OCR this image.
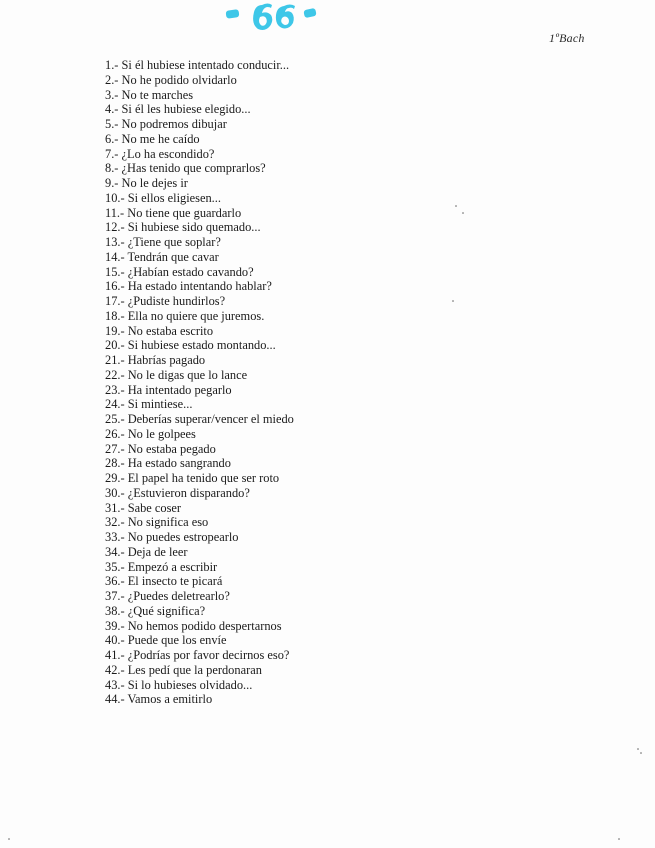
1ºBach
1.- Si él hubiese intentado conducir...
2.- No he podido olvidarlo
3.- No te marches
4.- Si él les hubiese elegido...
5.- No podremos dibujar
6.- No me he caído
7.- ¿Lo ha escondido?
8.- ¿Has tenido que comprarlos?
9.- No le dejes ir
10.- Si ellos eligiesen...
11.- No tiene que guardarlo
12.- Si hubiese sido quemado...
13.- ¿Tiene que soplar?
14.- Tendrán que cavar
15.- ¿Habían estado cavando?
16.- Ha estado intentando hablar?
17.- ¿Pudiste hundirlos?
18.- Ella no quiere que juremos.
19.- No estaba escrito
20.- Si hubiese estado montando...
21.- Habrías pagado
22.- No le digas que lo lance
23.- Ha intentado pegarlo
24.- Si mintiese...
25.- Deberías superar/vencer el miedo
26.- No le golpees
27.- No estaba pegado
28.- Ha estado sangrando
29.- El papel ha tenido que ser roto
30.- ¿Estuvieron disparando?
31.- Sabe coser
32.- No significa eso
33.- No puedes estropearlo
34.- Deja de leer
35.- Empezó a escribir
36.- El insecto te picará
37.- ¿Puedes deletrearlo?
38.- ¿Qué significa?
39.- No hemos podido despertarnos
40.- Puede que los envíe
41.- ¿Podrías por favor decirnos eso?
42.- Les pedí que la perdonaran
43.- Si lo hubieses olvidado...
44.- Vamos a emitirlo
